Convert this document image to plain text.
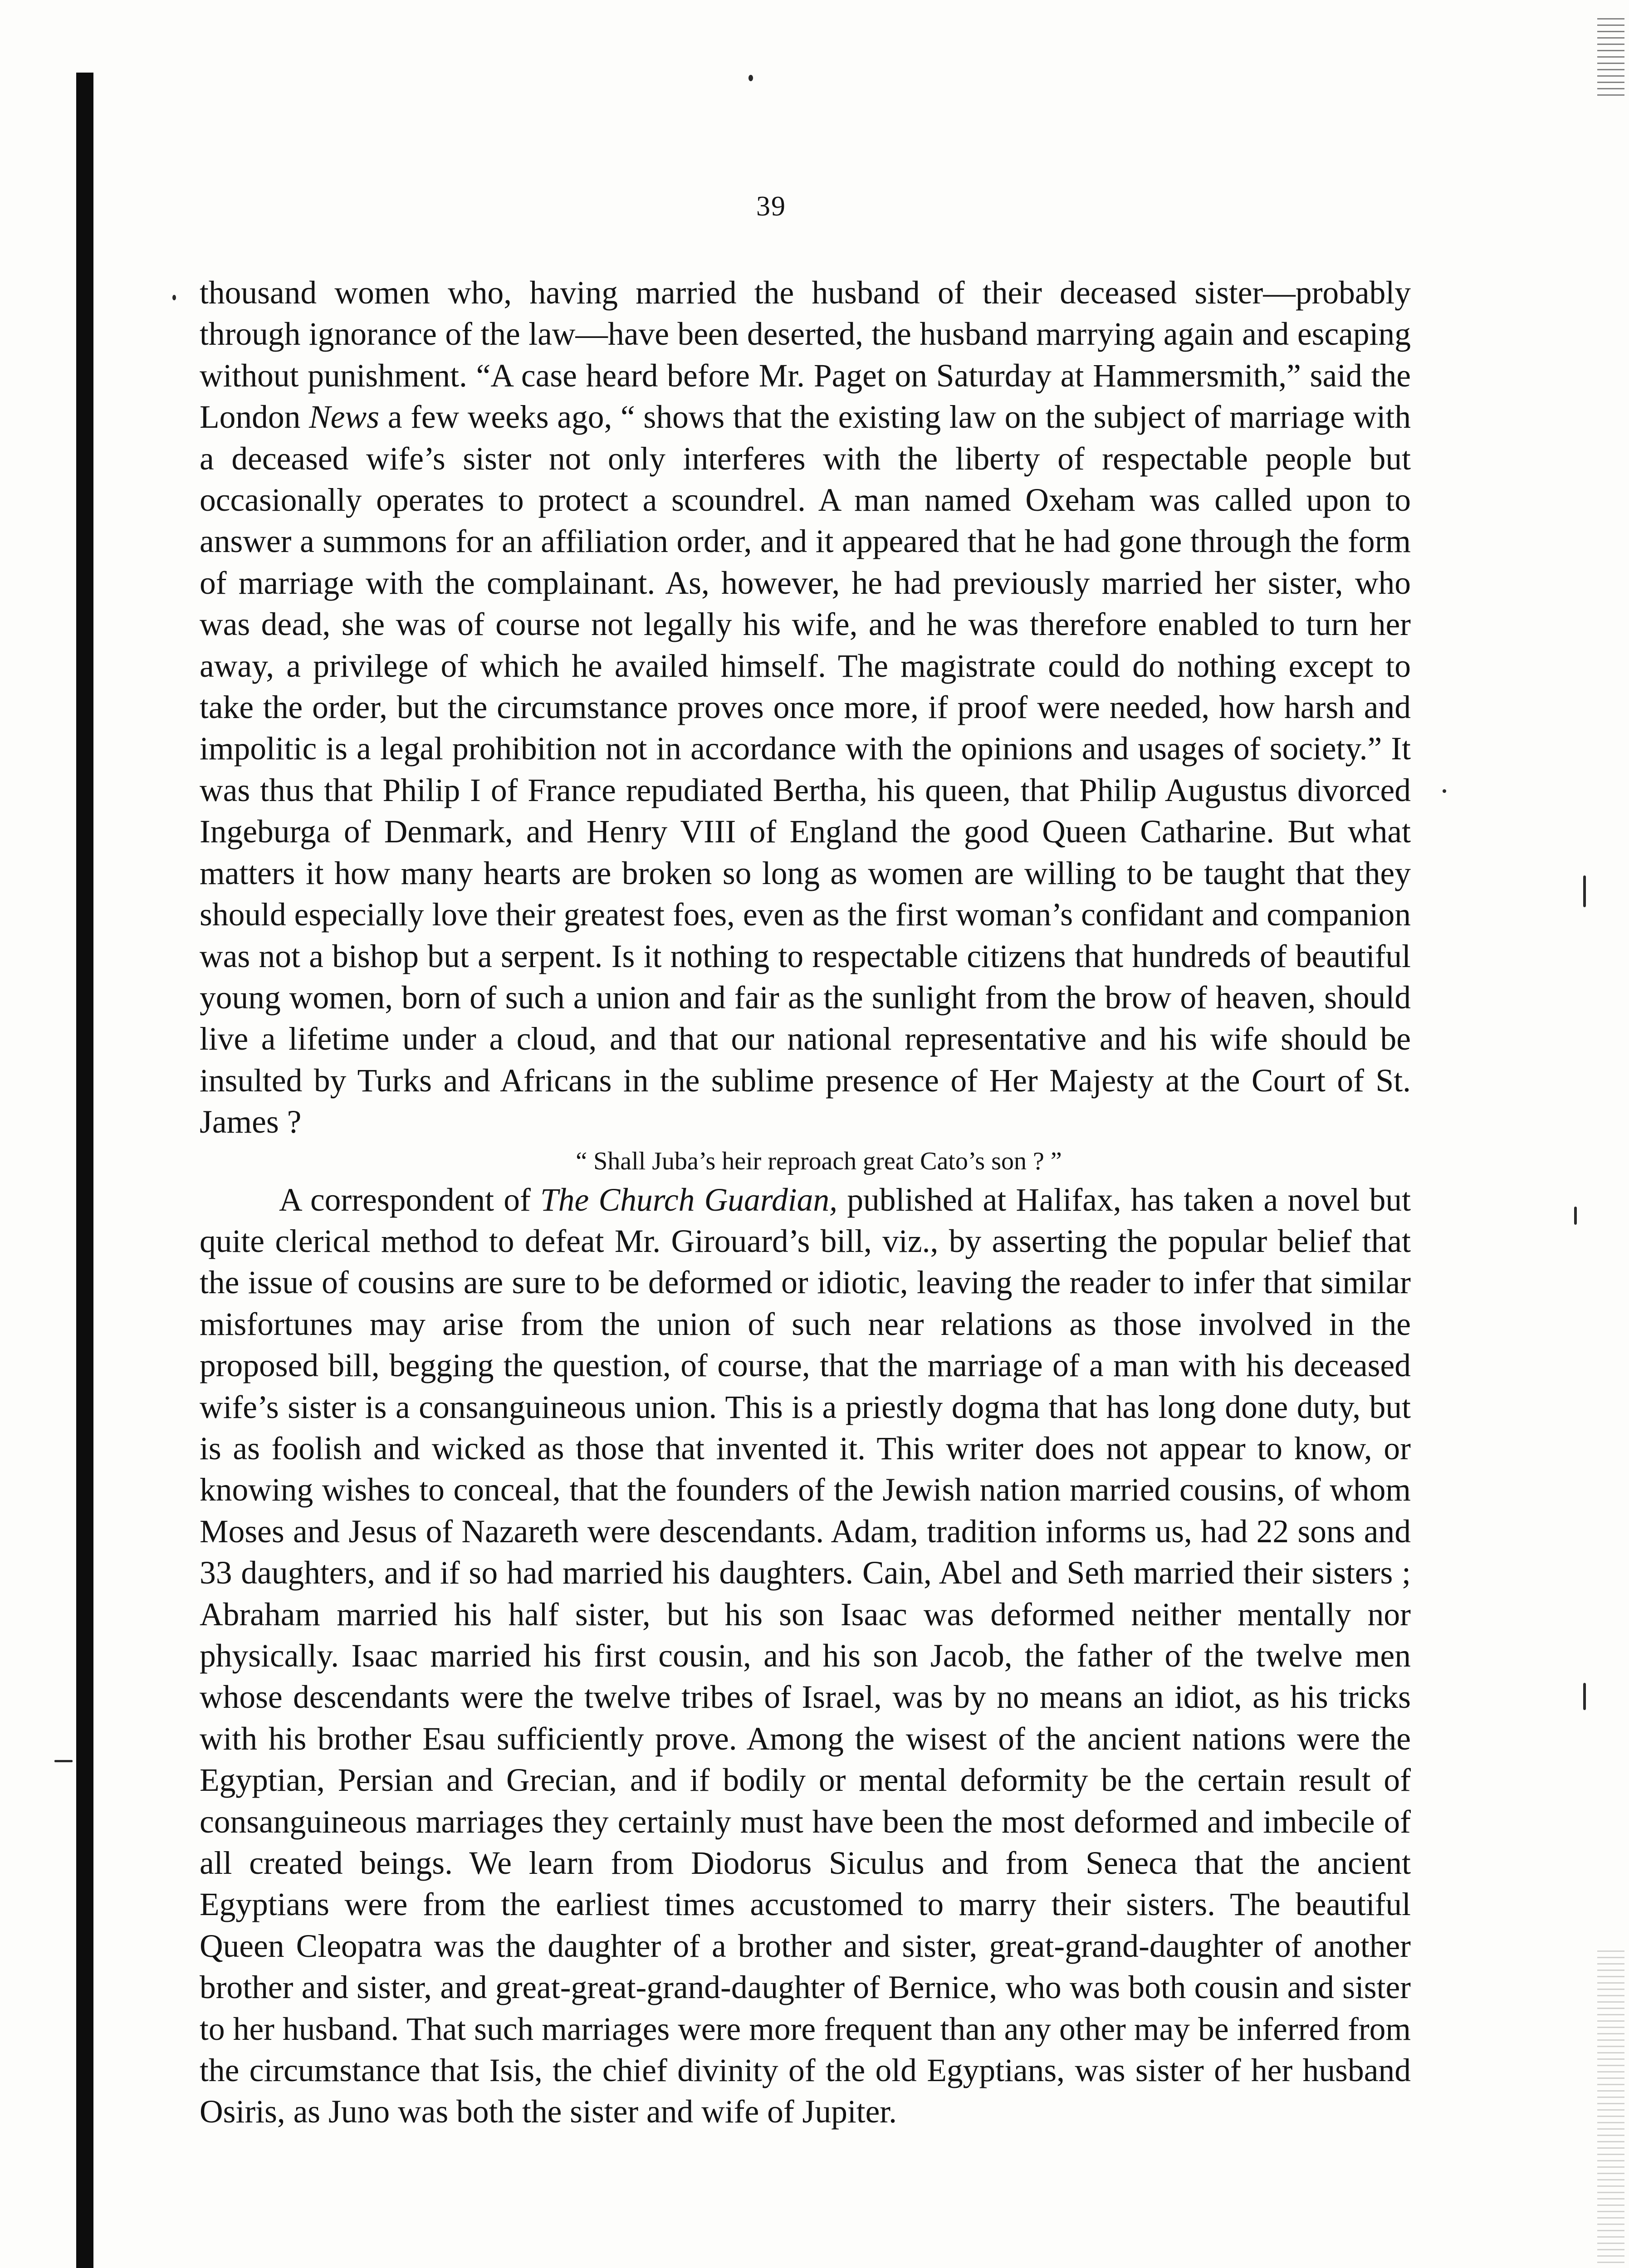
39

thousand women who, having married the husband of their deceased sister—probably through ignorance of the law—have been deserted, the husband marrying again and escaping without punishment. “A case heard before Mr. Paget on Saturday at Hammersmith,” said the London News a few weeks ago, “ shows that the existing law on the subject of marriage with a deceased wife’s sister not only interferes with the liberty of respectable people but occasionally operates to protect a scoundrel. A man named Oxeham was called upon to answer a summons for an affiliation order, and it appeared that he had gone through the form of marriage with the complainant. As, however, he had previously married her sister, who was dead, she was of course not legally his wife, and he was therefore enabled to turn her away, a privilege of which he availed himself. The magistrate could do nothing except to take the order, but the circumstance proves once more, if proof were needed, how harsh and impolitic is a legal prohibition not in accordance with the opinions and usages of society.” It was thus that Philip I of France repudiated Bertha, his queen, that Philip Augustus divorced Ingeburga of Denmark, and Henry VIII of England the good Queen Catharine. But what matters it how many hearts are broken so long as women are willing to be taught that they should especially love their greatest foes, even as the first woman’s confidant and companion was not a bishop but a serpent. Is it nothing to respectable citizens that hundreds of beautiful young women, born of such a union and fair as the sunlight from the brow of heaven, should live a lifetime under a cloud, and that our national representative and his wife should be insulted by Turks and Africans in the sublime presence of Her Majesty at the Court of St. James ?

“ Shall Juba’s heir reproach great Cato’s son ? ”

A correspondent of The Church Guardian, published at Halifax, has taken a novel but quite clerical method to defeat Mr. Girouard’s bill, viz., by asserting the popular belief that the issue of cousins are sure to be deformed or idiotic, leaving the reader to infer that similar misfortunes may arise from the union of such near relations as those involved in the proposed bill, begging the question, of course, that the marriage of a man with his deceased wife’s sister is a consanguineous union. This is a priestly dogma that has long done duty, but is as foolish and wicked as those that invented it. This writer does not appear to know, or knowing wishes to conceal, that the founders of the Jewish nation married cousins, of whom Moses and Jesus of Nazareth were descendants. Adam, tradition informs us, had 22 sons and 33 daughters, and if so had married his daughters. Cain, Abel and Seth married their sisters ; Abraham married his half sister, but his son Isaac was deformed neither mentally nor physically. Isaac married his first cousin, and his son Jacob, the father of the twelve men whose descendants were the twelve tribes of Israel, was by no means an idiot, as his tricks with his brother Esau sufficiently prove. Among the wisest of the ancient nations were the Egyptian, Persian and Grecian, and if bodily or mental deformity be the certain result of consanguineous marriages they certainly must have been the most deformed and imbecile of all created beings. We learn from Diodorus Siculus and from Seneca that the ancient Egyptians were from the earliest times accustomed to marry their sisters. The beautiful Queen Cleopatra was the daughter of a brother and sister, great-grand-daughter of another brother and sister, and great-great-grand-daughter of Bernice, who was both cousin and sister to her husband. That such marriages were more frequent than any other may be inferred from the circumstance that Isis, the chief divinity of the old Egyptians, was sister of her husband Osiris, as Juno was both the sister and wife of Jupiter.
